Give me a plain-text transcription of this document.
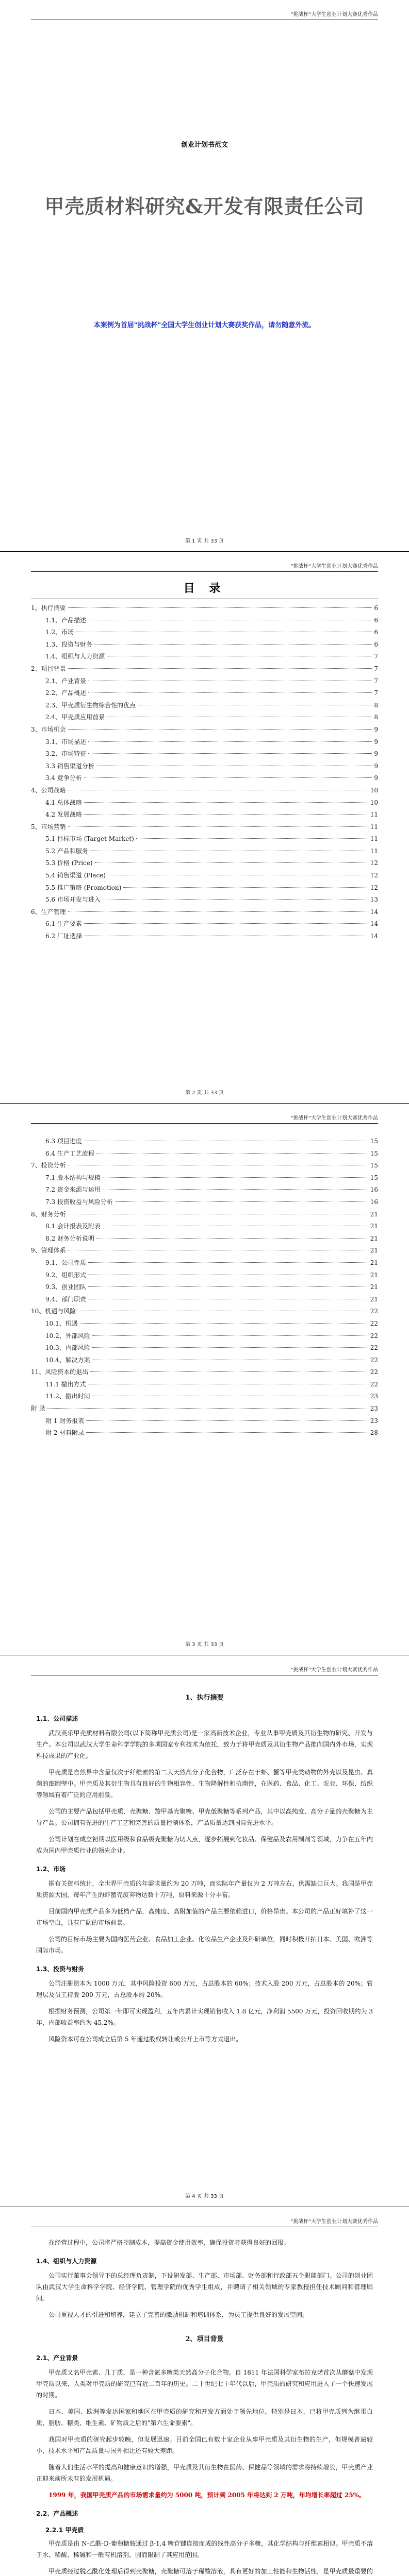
"挑战杯"大学生创业计划大赛优秀作品
创业计划书范文
甲壳质材料研究&开发有限责任公司
本案例为首届"挑战杯"全国大学生创业计划大赛获奖作品，请勿随意外流。
第 1 页 共 33 页
"挑战杯"大学生创业计划大赛优秀作品
目 录
1、执行摘要	6
1.1、产品描述	6
1.2、市场	6
1.3、投资与财务	6
1.4、组织与人力资源	7
2、项目背景	7
2.1、产业背景	7
2.2、产品概述	7
2.3、甲壳质衍生物综合性的优点	8
2.4、甲壳质应用前景	8
3、市场机会	9
3.1、市场描述	9
3.2、市场特征	9
3.3 销售渠道分析	9
3.4 竞争分析	9
4、公司战略	10
4.1 总体战略	10
4.2 发展战略	11
5、市场营销	11
5.1 目标市场 (Target Market)	11
5.2 产品和服务	11
5.3 价格 (Price)	12
5.4 销售渠道 (Place)	12
5.5 推广策略 (Promotion)	12
5.6 市场开发与进入	13
6、生产管理	14
6.1 生产要素	14
6.2 厂址选择	14
第 2 页 共 33 页
"挑战杯"大学生创业计划大赛优秀作品
6.3 项目进度	15
6.4 生产工艺流程	15
7、投资分析	15
7.1 股本结构与规模	15
7.2 资金来源与运用	16
7.3 投资收益与风险分析	16
8、财务分析	21
8.1 会计报表及附表	21
8.2 财务分析说明	21
9、管理体系	21
9.1、公司性质	21
9.2、组织形式	21
9.3、创业团队	21
9.4、部门职责	21
10、机遇与风险	22
10.1、机遇	22
10.2、外部风险	22
10.3、内部风险	22
10.4、解决方案	22
11、风险资本的退出	22
11.1 撤出方式	22
11.2、撤出时间	23
附 录	23
附 1 财务报表	23
附 2 材料附录	28
第 3 页 共 33 页
"挑战杯"大学生创业计划大赛优秀作品
1、执行摘要
1.1、公司描述

武汉英乐甲壳质材料有限公司(以下简称甲壳质公司)是一家高新技术企业，专业从事甲壳质及其衍生物的研究、开发与生产。本公司以武汉大学生命科学学院的多项国家专利技术为依托，致力于将甲壳质及其衍生物产品推向国内外市场，实现科技成果的产业化。

甲壳质是自然界中含量仅次于纤维素的第二大天然高分子化合物，广泛存在于虾、蟹等甲壳类动物的外壳以及昆虫、真菌的细胞壁中。甲壳质及其衍生物具有良好的生物相容性、生物降解性和抗菌性，在医药、食品、化工、农业、环保、纺织等领域有着广泛的应用前景。

公司的主要产品包括甲壳质、壳聚糖、羧甲基壳聚糖、甲壳低聚糖等系列产品，其中以高纯度、高分子量的壳聚糖为主导产品。公司拥有先进的生产工艺和完善的质量控制体系，产品质量达到国际先进水平。

公司计划在成立初期以医用级和食品级壳聚糖为切入点，逐步拓展到化妆品、保健品及农用制剂等领域，力争在五年内成为国内甲壳质行业的领先企业。

1.2、市场

据有关资料统计，全世界甲壳质的年需求量约为 20 万吨，而实际年产量仅为 2 万吨左右，供需缺口巨大。我国是甲壳质资源大国，每年产生的虾蟹壳废弃物达数十万吨，原料来源十分丰富。

目前国内甲壳质产品多为低档产品，高纯度、高附加值的产品主要依赖进口，价格昂贵。本公司的产品正好填补了这一市场空白，具有广阔的市场前景。

公司的目标市场主要为国内医药企业、食品加工企业、化妆品生产企业及科研单位，同时积极开拓日本、美国、欧洲等国际市场。

1.3、投资与财务

公司注册资本为 1000 万元，其中风险投资 600 万元，占总股本的 60%；技术入股 200 万元，占总股本的 20%；管理层及员工持股 200 万元，占总股本的 20%。

根据财务预测，公司第一年即可实现盈利，五年内累计实现销售收入 1.8 亿元，净利润 5500 万元，投资回收期约为 3 年，内部收益率约为 45.2%。

风险资本可在公司成立后第 5 年通过股权转让或公开上市等方式退出。

第 4 页 共 33 页
"挑战杯"大学生创业计划大赛优秀作品

在经营过程中，公司将严格控制成本，提高资金使用效率，确保投资者获得良好的回报。

1.4、组织与人力资源

公司实行董事会领导下的总经理负责制，下设研发部、生产部、市场部、财务部和行政部五个职能部门。公司的创业团队由武汉大学生命科学学院、经济学院、管理学院的优秀学生组成，并聘请了相关领域的专家教授担任技术顾问和管理顾问。

公司重视人才的引进和培养，建立了完善的激励机制和培训体系，为员工提供良好的发展空间。

2、项目背景
2.1、产业背景

甲壳质又名甲壳素、几丁质，是一种含氮多糖类天然高分子化合物。自 1811 年法国科学家布拉克诺首次从蘑菇中发现甲壳质以来，人类对甲壳质的研究已有近二百年的历史。二十世纪七十年代以后，甲壳质的研究和应用进入了一个快速发展的时期。

日本、美国、欧洲等发达国家和地区在甲壳质的研究和开发方面处于领先地位。特别是日本，已将甲壳质列为继蛋白质、脂肪、糖类、维生素、矿物质之后的"第六生命要素"。

我国对甲壳质的研究起步较晚，但发展迅速。目前全国已有数十家企业从事甲壳质及其衍生物的生产，但规模普遍较小，技术水平和产品质量与国外相比还有较大差距。

随着人们生活水平的提高和健康意识的增强，甲壳质及其衍生物在医药、保健品等领域的需求将持续增长，甲壳质产业正迎来前所未有的发展机遇。

1999 年，我国甲壳质产品的市场需求量约为 5000 吨，预计到 2005 年将达到 2 万吨，年均增长率超过 25%。

2.2、产品概述
2.2.1 甲壳质

甲壳质是由 N-乙酰-D-葡萄糖胺通过 β-1,4 糖苷键连接而成的线性高分子多糖，其化学结构与纤维素相似。甲壳质不溶于水、稀酸、稀碱和一般有机溶剂，因而限制了其应用范围。

甲壳质经过脱乙酰化处理后得到壳聚糖，壳聚糖可溶于稀酸溶液，具有更好的加工性能和生物活性，是甲壳质最重要的
